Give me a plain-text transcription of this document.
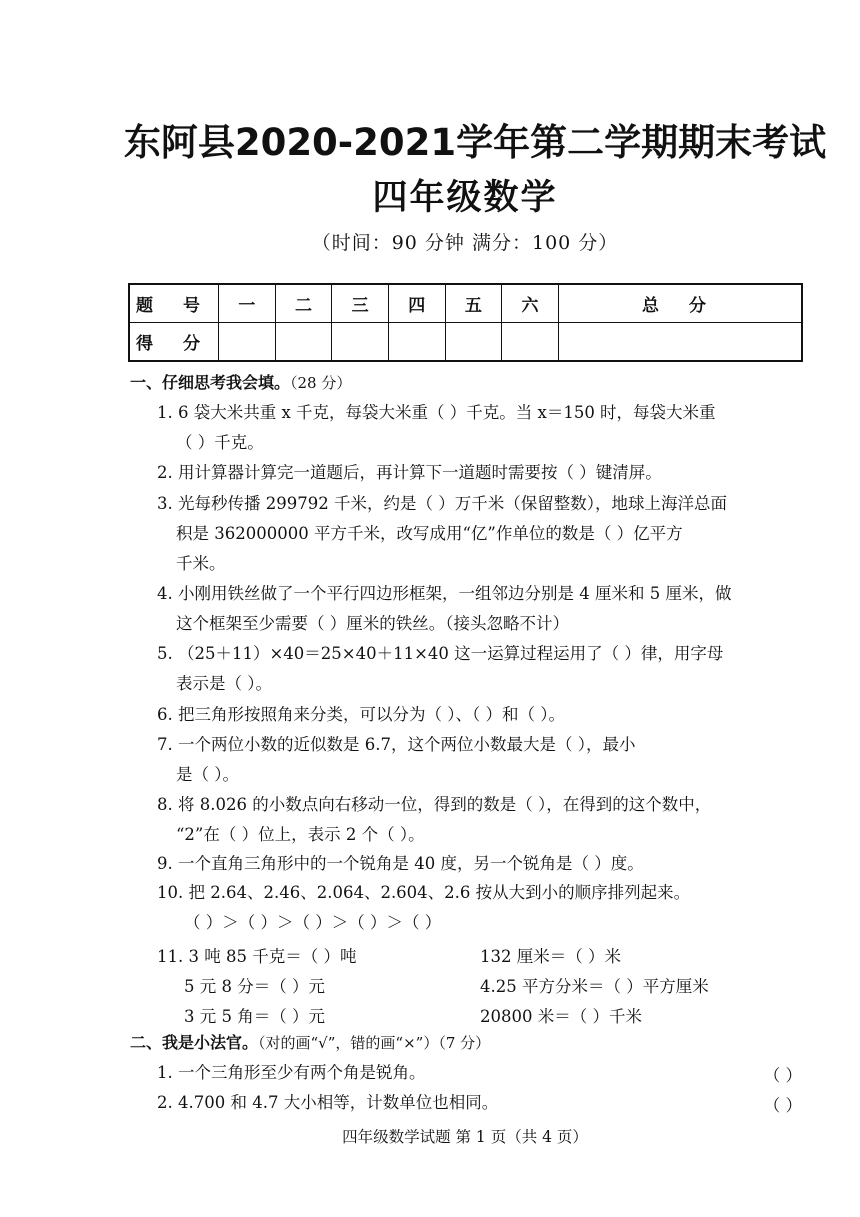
东阿县2020-2021学年第二学期期末考试
四年级数学
（时间：90 分钟 满分：100 分）
题 号	一	二	三	四	五	六	总 分
得 分							
一、仔细思考我会填。（28 分）
1. 6 袋大米共重 x 千克，每袋大米重（ ）千克。当 x＝150 时，每袋大米重
（ ）千克。
2. 用计算器计算完一道题后，再计算下一道题时需要按（ ）键清屏。
3. 光每秒传播 299792 千米，约是（ ）万千米（保留整数），地球上海洋总面
积是 362000000 平方千米，改写成用“亿”作单位的数是（ ）亿平方
千米。
4. 小刚用铁丝做了一个平行四边形框架，一组邻边分别是 4 厘米和 5 厘米，做
这个框架至少需要（ ）厘米的铁丝。（接头忽略不计）
5. （25＋11）×40＝25×40＋11×40 这一运算过程运用了（ ）律，用字母
表示是（ ）。
6. 把三角形按照角来分类，可以分为（ ）、（ ）和（ ）。
7. 一个两位小数的近似数是 6.7，这个两位小数最大是（ ），最小
是（ ）。
8. 将 8.026 的小数点向右移动一位，得到的数是（ ），在得到的这个数中，
“2”在（ ）位上，表示 2 个（ ）。
9. 一个直角三角形中的一个锐角是 40 度，另一个锐角是（ ）度。
10. 把 2.64、2.46、2.064、2.604、2.6 按从大到小的顺序排列起来。
（ ）＞（ ）＞（ ）＞（ ）＞（ ）
11. 3 吨 85 千克＝（ ）吨	132 厘米＝（ ）米
5 元 8 分＝（ ）元	4.25 平方分米＝（ ）平方厘米
3 元 5 角＝（ ）元	20800 米＝（ ）千米
二、我是小法官。（对的画“√”，错的画“×”）（7 分）
1. 一个三角形至少有两个角是锐角。	（ ）
2. 4.700 和 4.7 大小相等，计数单位也相同。	（ ）
四年级数学试题 第 1 页（共 4 页）
